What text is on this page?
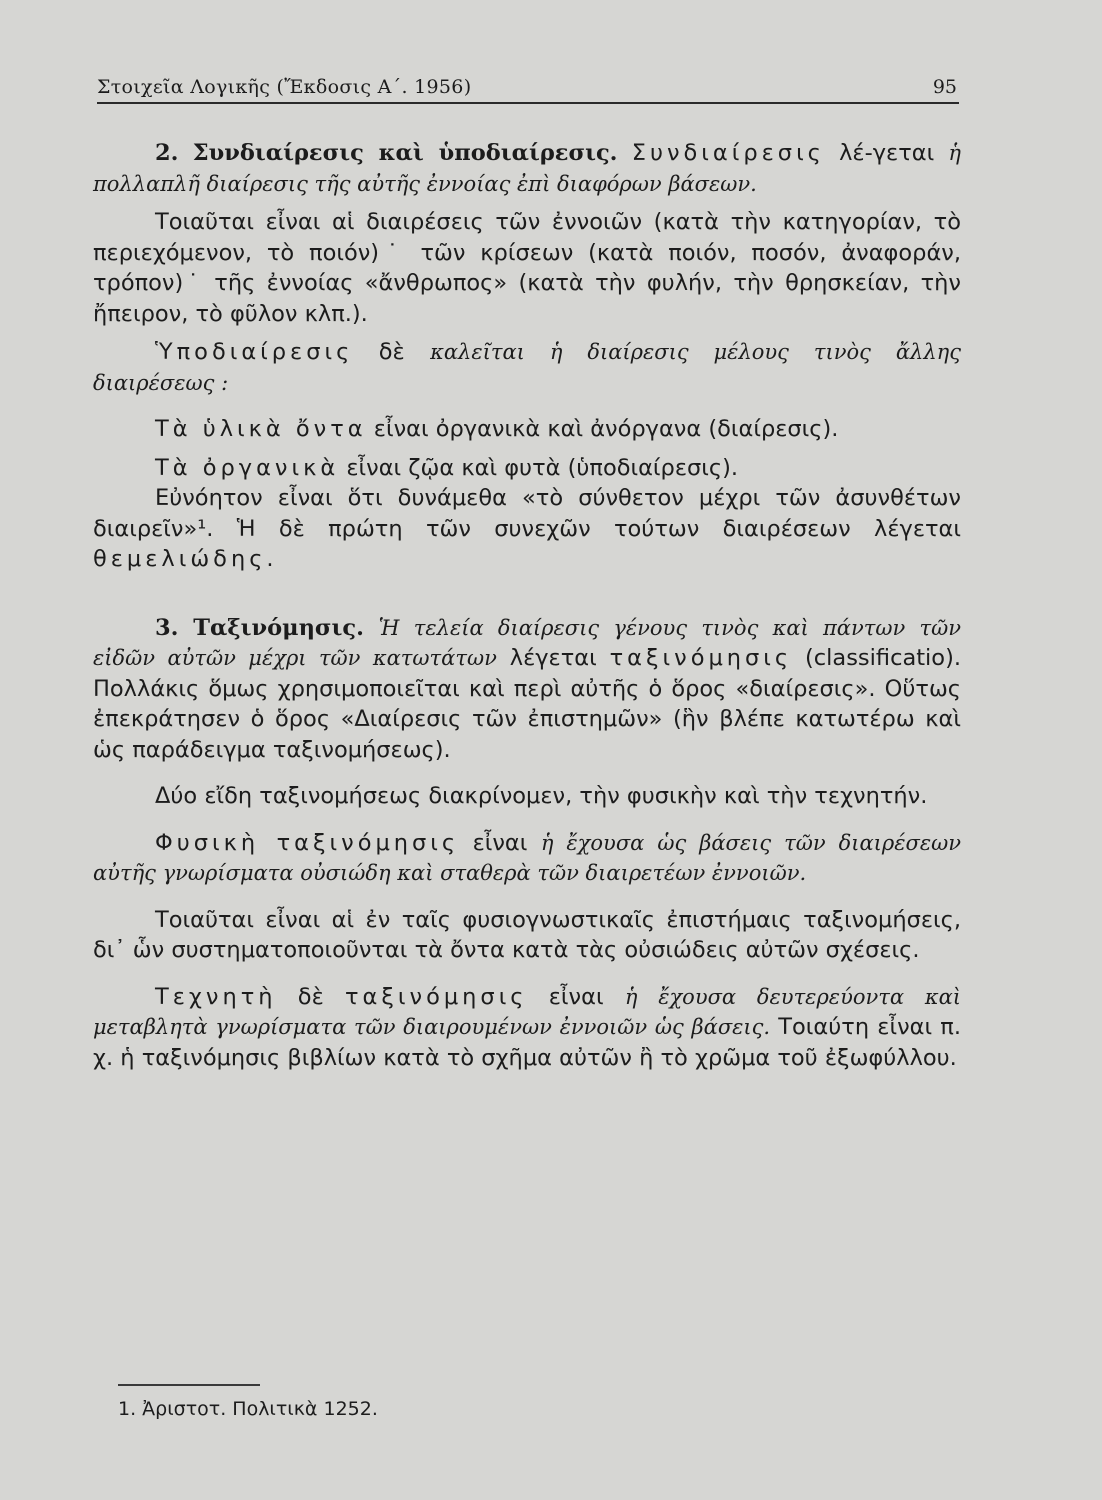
Στοιχεῖα Λογικῆς (Ἔκδοσις Α΄. 1956)	95

2. Συνδιαίρεσις καὶ ὑποδιαίρεσις. Συνδιαίρεσις λέ-γεται ἡ πολλαπλῆ διαίρεσις τῆς αὐτῆς ἐννοίας ἐπὶ διαφόρων βάσεων.

Τοιαῦται εἶναι αἱ διαιρέσεις τῶν ἐννοιῶν (κατὰ τὴν κατηγορίαν, τὸ περιεχόμενον, τὸ ποιόν)˙ τῶν κρίσεων (κατὰ ποιόν, ποσόν, ἀναφοράν, τρόπον)˙ τῆς ἐννοίας «ἄνθρωπος» (κατὰ τὴν φυλήν, τὴν θρησκείαν, τὴν ἤπειρον, τὸ φῦλον κλπ.).

Ὑποδιαίρεσις δὲ καλεῖται ἡ διαίρεσις μέλους τινὸς ἄλλης διαιρέσεως :

Τὰ ὑλικὰ ὄντα εἶναι ὀργανικὰ καὶ ἀνόργανα (διαίρεσις).

Τὰ ὀργανικὰ εἶναι ζῷα καὶ φυτὰ (ὑποδιαίρεσις).

Εὐνόητον εἶναι ὅτι δυνάμεθα «τὸ σύνθετον μέχρι τῶν ἀσυνθέτων διαιρεῖν»¹. Ἡ δὲ πρώτη τῶν συνεχῶν τούτων διαιρέσεων λέγεται θεμελιώδης.

3. Ταξινόμησις. Ἡ τελεία διαίρεσις γένους τινὸς καὶ πάντων τῶν εἰδῶν αὐτῶν μέχρι τῶν κατωτάτων λέγεται ταξινόμησις (classificatio). Πολλάκις ὅμως χρησιμοποιεῖται καὶ περὶ αὐτῆς ὁ ὅρος «διαίρεσις». Οὕτως ἐπεκράτησεν ὁ ὅρος «Διαίρεσις τῶν ἐπιστημῶν» (ἣν βλέπε κατωτέρω καὶ ὡς παράδειγμα ταξινομήσεως).

Δύο εἴδη ταξινομήσεως διακρίνομεν, τὴν φυσικὴν καὶ τὴν τεχνητήν.

Φυσικὴ ταξινόμησις εἶναι ἡ ἔχουσα ὡς βάσεις τῶν διαιρέσεων αὐτῆς γνωρίσματα οὐσιώδη καὶ σταθερὰ τῶν διαιρετέων ἐννοιῶν.

Τοιαῦται εἶναι αἱ ἐν ταῖς φυσιογνωστικαῖς ἐπιστήμαις ταξινομήσεις, δι᾽ ὧν συστηματοποιοῦνται τὰ ὄντα κατὰ τὰς οὐσιώδεις αὐτῶν σχέσεις.

Τεχνητὴ δὲ ταξινόμησις εἶναι ἡ ἔχουσα δευτερεύοντα καὶ μεταβλητὰ γνωρίσματα τῶν διαιρουμένων ἐννοιῶν ὡς βάσεις. Τοιαύτη εἶναι π. χ. ἡ ταξινόμησις βιβλίων κατὰ τὸ σχῆμα αὐτῶν ἢ τὸ χρῶμα τοῦ ἐξωφύλλου.

1. Ἀριστοτ. Πολιτικὰ 1252.
